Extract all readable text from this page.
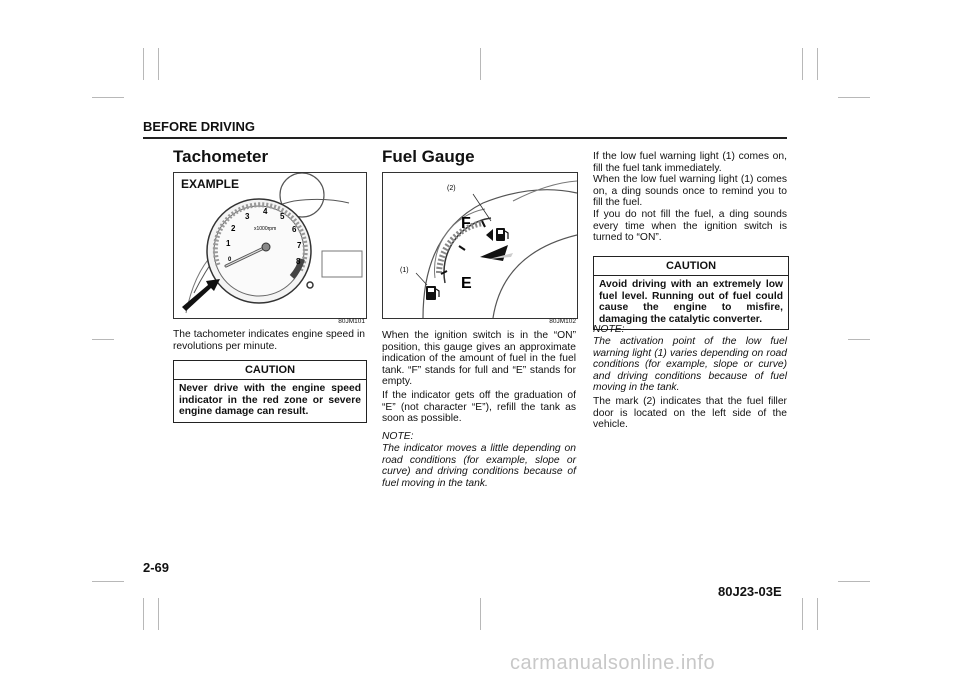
BEFORE DRIVING
Tachometer
0
1
2
3
4
5
6
7
8
x1000rpm
EXAMPLE
80JM101
The tachometer indicates engine speed in revolutions per minute.
CAUTION
Never drive with the engine speed indicator in the red zone or severe engine damage can result.
Fuel Gauge
F
E
(2)
(1)
80JM102
When the ignition switch is in the “ON” position, this gauge gives an approximate indication of the amount of fuel in the fuel tank. “F” stands for full and “E” stands for empty.
If the indicator gets off the graduation of “E” (not character “E”), refill the tank as soon as possible.
NOTE:
The indicator moves a little depending on road conditions (for example, slope or curve) and driving conditions because of fuel moving in the tank.
If the low fuel warning light (1) comes on, fill the fuel tank immediately.
When the low fuel warning light (1) comes on, a ding sounds once to remind you to fill the fuel.
If you do not fill the fuel, a ding sounds every time when the ignition switch is turned to “ON”.
CAUTION
Avoid driving with an extremely low fuel level. Running out of fuel could cause the engine to misfire, damaging the catalytic converter.
NOTE:
The activation point of the low fuel warning light (1) varies depending on road conditions (for example, slope or curve) and driving conditions because of fuel moving in the tank.
The mark (2) indicates that the fuel filler door is located on the left side of the vehicle.
2-69
80J23-03E
carmanualsonline.info
